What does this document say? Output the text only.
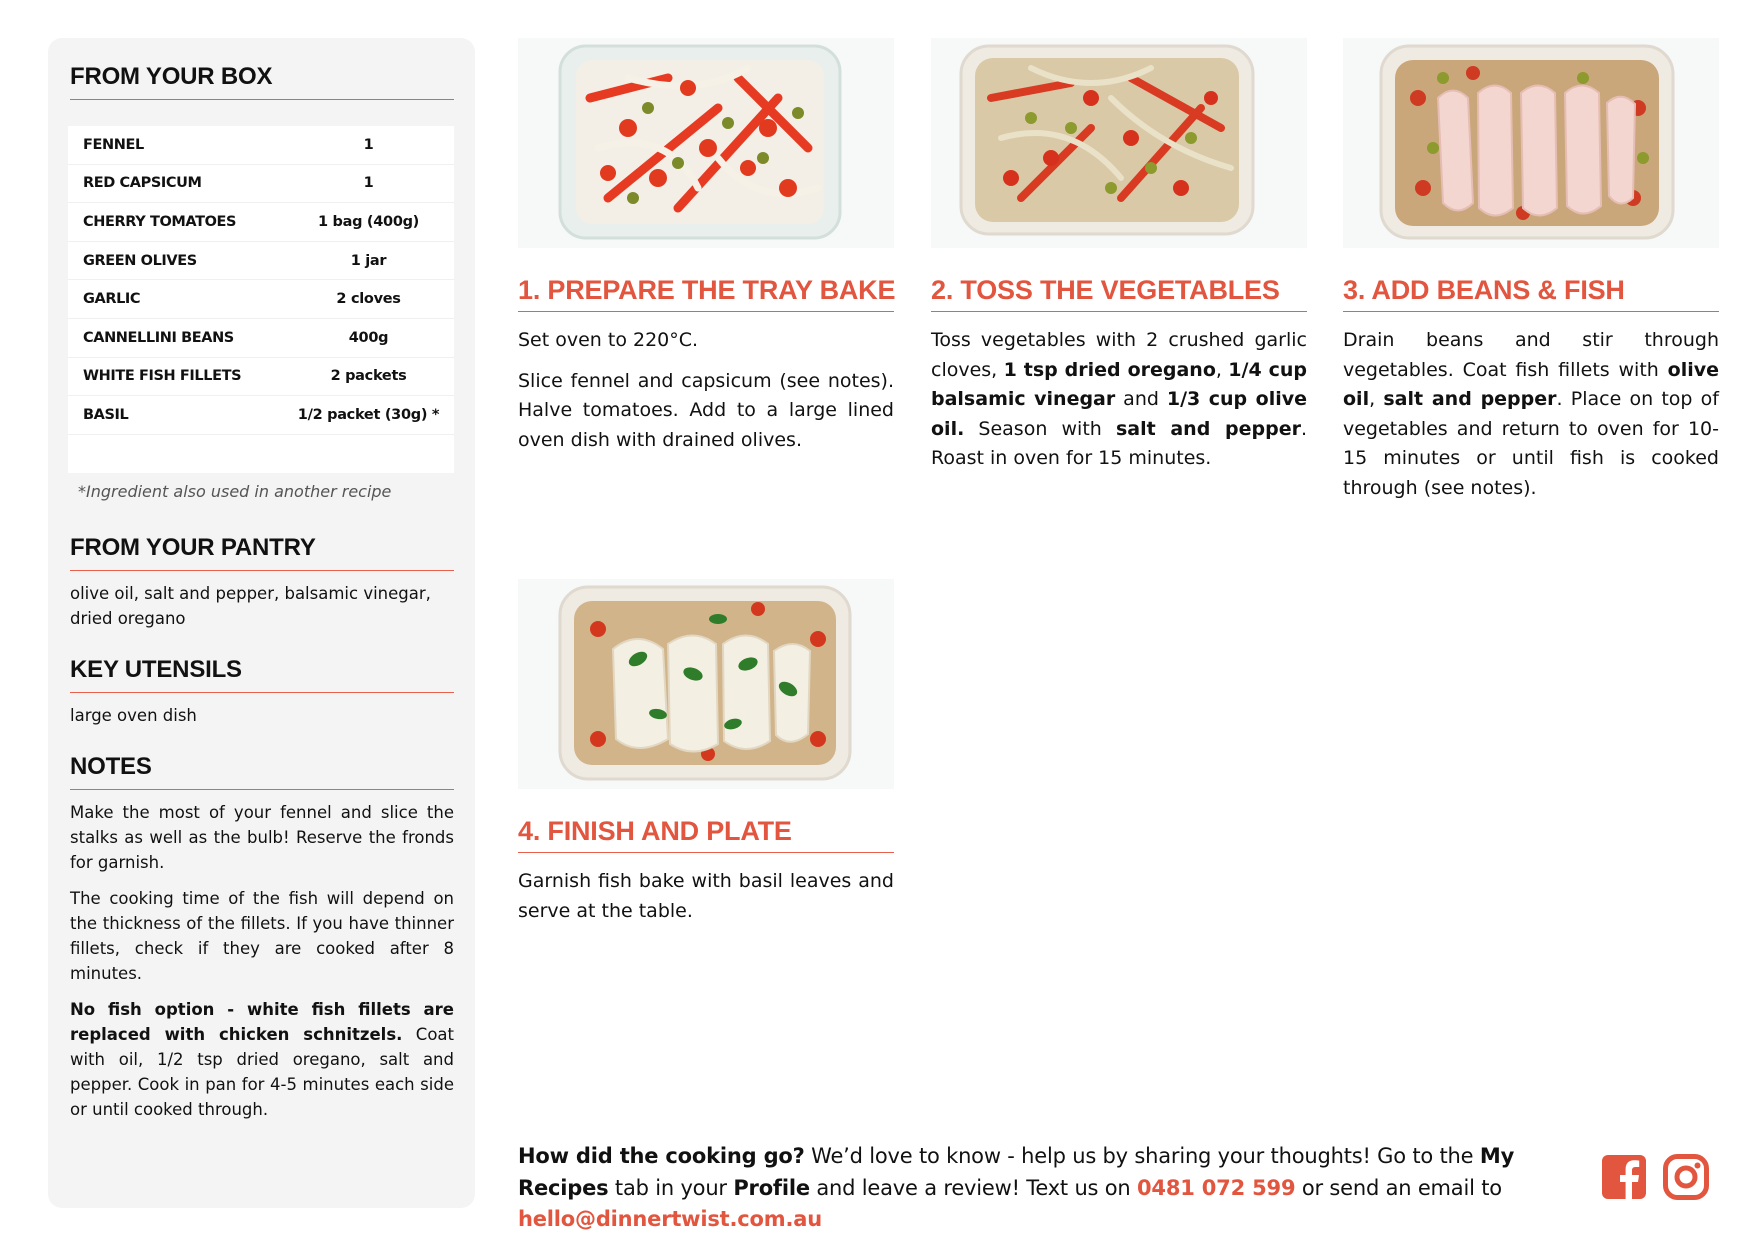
FROM YOUR BOX
FENNEL	1
RED CAPSICUM	1
CHERRY TOMATOES	1 bag (400g)
GREEN OLIVES	1 jar
GARLIC	2 cloves
CANNELLINI BEANS	400g
WHITE FISH FILLETS	2 packets
BASIL	1/2 packet (30g) *
*Ingredient also used in another recipe
FROM YOUR PANTRY
olive oil, salt and pepper, balsamic vinegar, dried oregano
KEY UTENSILS
large oven dish
NOTES

Make the most of your fennel and slice the stalks as well as the bulb! Reserve the fronds for garnish.

The cooking time of the fish will depend on the thickness of the fillets. If you have thinner fillets, check if they are cooked after 8 minutes.

No fish option - white fish fillets are replaced with chicken schnitzels. Coat with oil, 1/2 tsp dried oregano, salt and pepper. Cook in pan for 4-5 minutes each side or until cooked through.

1. PREPARE THE TRAY BAKE

Set oven to 220°C.

Slice fennel and capsicum (see notes). Halve tomatoes. Add to a large lined oven dish with drained olives.

2. TOSS THE VEGETABLES

Toss vegetables with 2 crushed garlic cloves, 1 tsp dried oregano, 1/4 cup balsamic vinegar and 1/3 cup olive oil. Season with salt and pepper. Roast in oven for 15 minutes.

3. ADD BEANS & FISH

Drain beans and stir through vegetables. Coat fish fillets with olive oil, salt and pepper. Place on top of vegetables and return to oven for 10-15 minutes or until fish is cooked through (see notes).

4. FINISH AND PLATE

Garnish fish bake with basil leaves and serve at the table.

How did the cooking go? We’d love to know - help us by sharing your thoughts! Go to the My Recipes tab in your Profile and leave a review! Text us on 0481 072 599 or send an email to hello@dinnertwist.com.au
